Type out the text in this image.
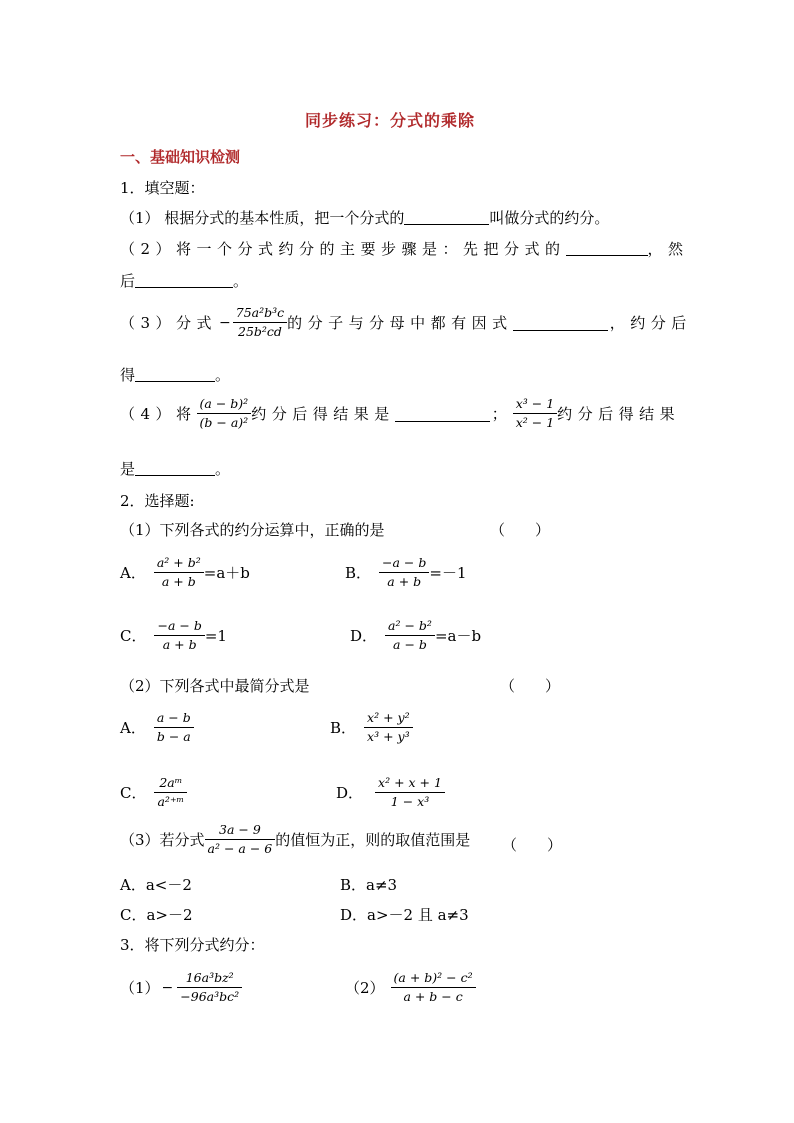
同步练习：分式的乘除
一、基础知识检测
1．填空题：
（1） 根据分式的基本性质，把一个分式的	叫做分式的约分。
（2）将一个分式约分的主要步骤是：先把分式的	，然
后	。
（3）分式 − $\frac{\text{75a²b³c}}{\text{25b²cd}}$ 的分子与分母中都有因式	，约分后
得	。
（4）将 $\frac{\text{(a − b)²}}{\text{(b − a)²}}$ 约分后得结果是	； $\frac{\text{x³ − 1}}{\text{x² − 1}}$ 约分后得结果
是	。
2．选择题:
（1）下列各式的约分运算中，正确的是	（　　）
A． $\frac{\text{a² + b²}}{a + b} =a+b$	B． $\frac{-a - b}{a + b} =-1$
C． $\frac{-a - b}{a + b} =1$	D． $\frac{\text{a² − b²}}{a - b} =a-b$
（2）下列各式中最简分式是	（　　）
A． $\frac{a - b}{b - a}$	B． $\frac{\text{x² + y²}}{\text{x³ + y³}}$
C． $\frac{\text{2aᵐ}}{\text{a²⁺ᵐ}}$	D． $\frac{\text{x² + x + 1}}{\text{1 − x³}}$
（3）若分式 $\frac{3a - 9}{\text{a² − a − 6}}$ 的值恒为正，则的取值范围是 （　　）
A．a<－2	B．a≠3
C．a>－2	D．a>－2 且 a≠3
3．将下列分式约分：
$(1) - \frac{\text{16a³bz²}}{\text{−96a³bc²}}$	$(2) \frac{\text{(a + b)² − c²}}{a + b - c}$
